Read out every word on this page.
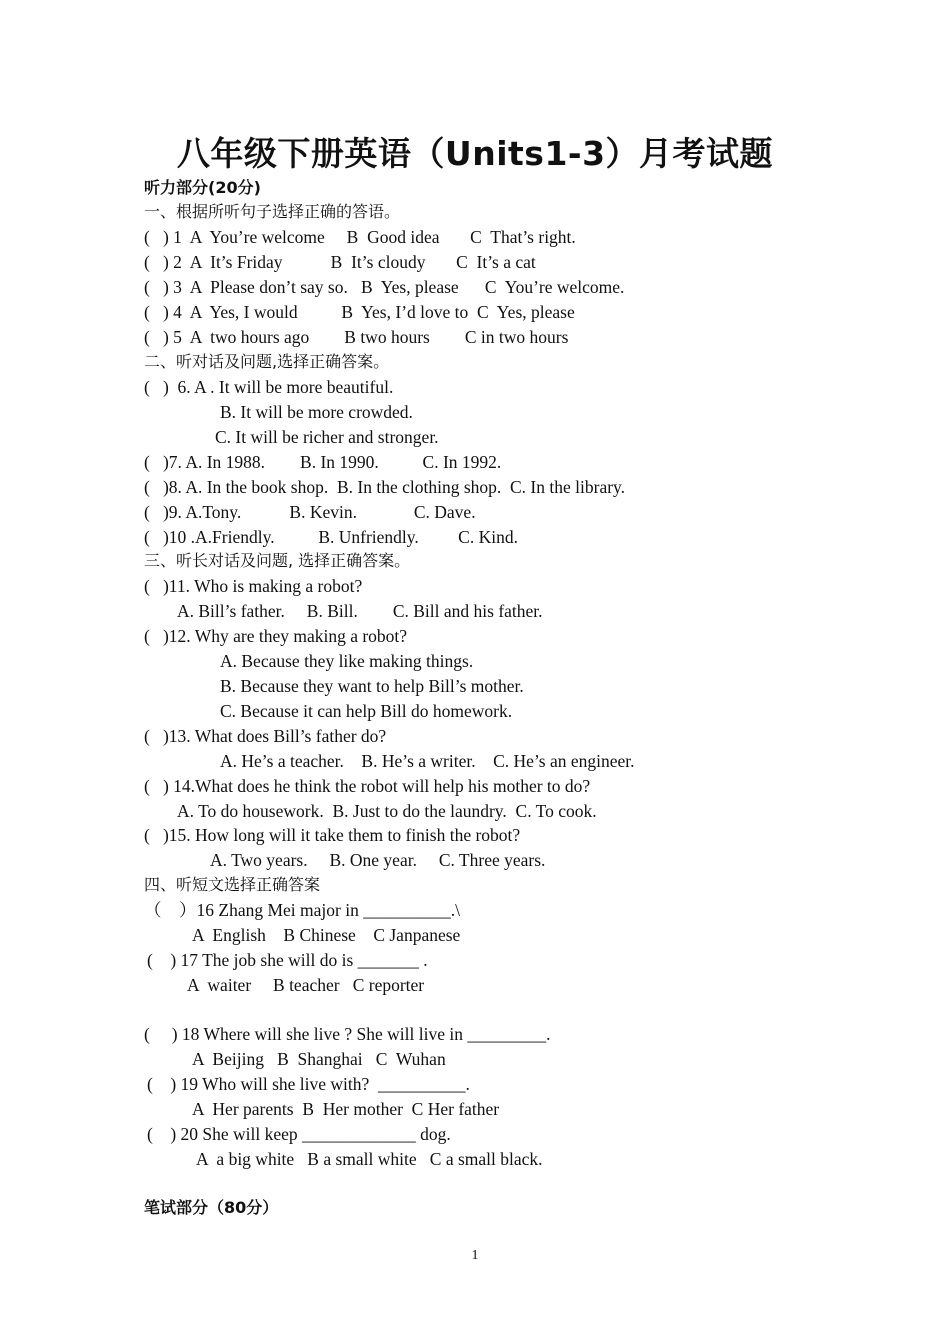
八年级下册英语（Units1-3）月考试题
听力部分(20分)
一、根据所听句子选择正确的答语。
(   ) 1  A  You’re welcome     B  Good idea       C  That’s right.
(   ) 2  A  It’s Friday           B  It’s cloudy       C  It’s a cat
(   ) 3  A  Please don’t say so.   B  Yes, please      C  You’re welcome.
(   ) 4  A  Yes, I would          B  Yes, I’d love to  C  Yes, please
(   ) 5  A  two hours ago        B two hours        C in two hours
二、听对话及问题,选择正确答案。
(   )  6. A . It will be more beautiful.
B. It will be more crowded.
C. It will be richer and stronger.
(   )7. A. In 1988.        B. In 1990.          C. In 1992.
(   )8. A. In the book shop.  B. In the clothing shop.  C. In the library.
(   )9. A.Tony.           B. Kevin.             C. Dave.
(   )10 .A.Friendly.          B. Unfriendly.         C. Kind.
三、听长对话及问题, 选择正确答案。
(   )11. Who is making a robot?
A. Bill’s father.     B. Bill.        C. Bill and his father.
(   )12. Why are they making a robot?
A. Because they like making things.
B. Because they want to help Bill’s mother.
C. Because it can help Bill do homework.
(   )13. What does Bill’s father do?
A. He’s a teacher.    B. He’s a writer.    C. He’s an engineer.
(   ) 14.What does he think the robot will help his mother to do?
A. To do housework.  B. Just to do the laundry.  C. To cook.
(   )15. How long will it take them to finish the robot?
A. Two years.     B. One year.     C. Three years.
四、听短文选择正确答案
（    ）16 Zhang Mei major in __________.\
A  English    B Chinese    C Janpanese
(    ) 17 The job she will do is _______ .
A  waiter     B teacher   C reporter
(     ) 18 Where will she live ? She will live in _________.
A  Beijing   B  Shanghai   C  Wuhan
(    ) 19 Who will she live with?  __________.
A  Her parents  B  Her mother  C Her father
(    ) 20 She will keep _____________ dog.
A  a big white   B a small white   C a small black.
笔试部分（80分）
1
